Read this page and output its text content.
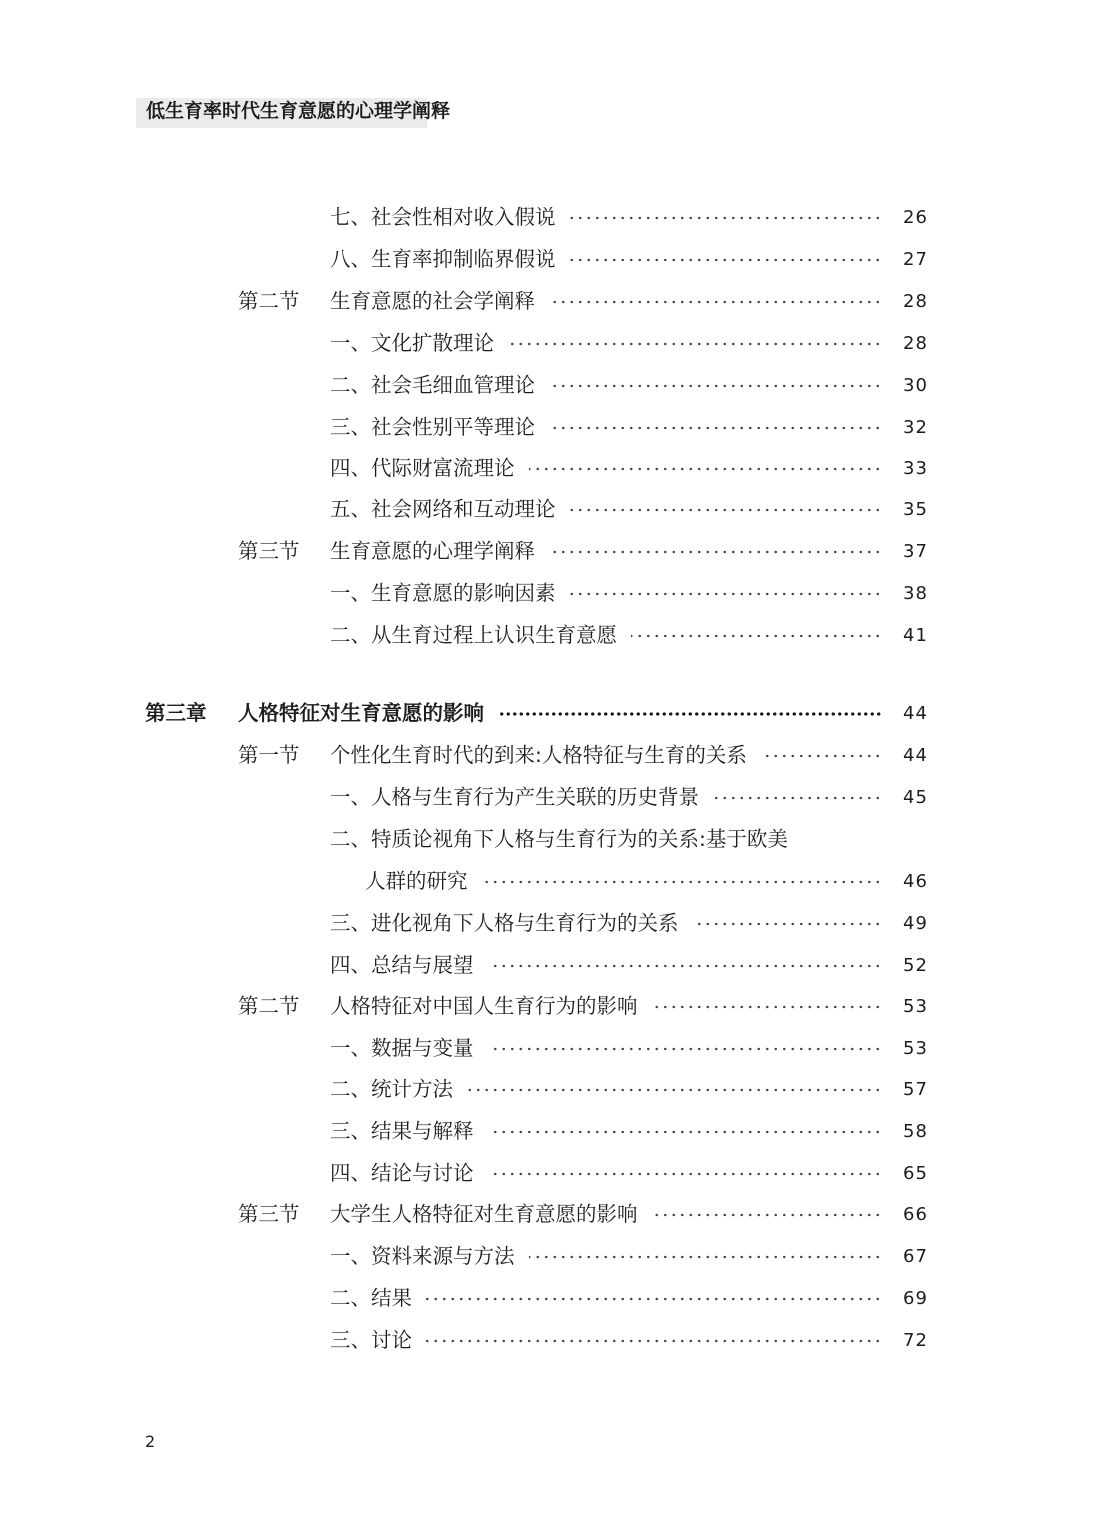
低生育率时代生育意愿的心理学阐释
七、社会性相对收入假说	26
八、生育率抑制临界假说	27
第二节 生育意愿的社会学阐释	28
一、文化扩散理论	28
二、社会毛细血管理论	30
三、社会性别平等理论	32
四、代际财富流理论	33
五、社会网络和互动理论	35
第三节 生育意愿的心理学阐释	37
一、生育意愿的影响因素	38
二、从生育过程上认识生育意愿	41
第三章 人格特征对生育意愿的影响	44
第一节 个性化生育时代的到来:人格特征与生育的关系	44
一、人格与生育行为产生关联的历史背景	45
二、特质论视角下人格与生育行为的关系:基于欧美
人群的研究	46
三、进化视角下人格与生育行为的关系	49
四、总结与展望	52
第二节 人格特征对中国人生育行为的影响	53
一、数据与变量	53
二、统计方法	57
三、结果与解释	58
四、结论与讨论	65
第三节 大学生人格特征对生育意愿的影响	66
一、资料来源与方法	67
二、结果	69
三、讨论	72
2
